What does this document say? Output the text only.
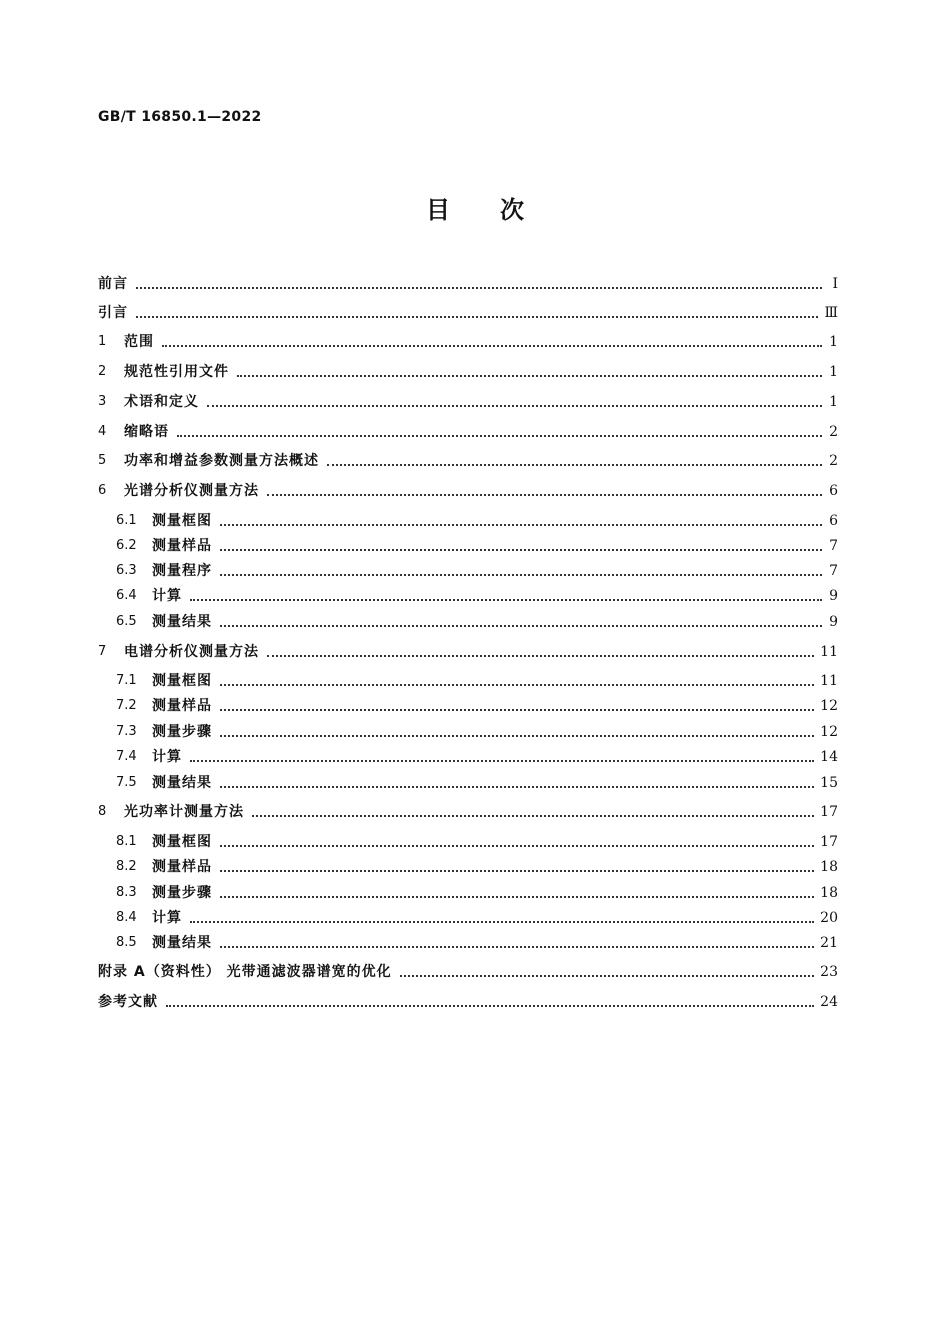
GB/T 16850.1—2022
目次
前言	Ⅰ
引言	Ⅲ
1	范围	1
2	规范性引用文件	1
3	术语和定义	1
4	缩略语	2
5	功率和增益参数测量方法概述	2
6	光谱分析仪测量方法	6
6.1	测量框图	6
6.2	测量样品	7
6.3	测量程序	7
6.4	计算	9
6.5	测量结果	9
7	电谱分析仪测量方法	11
7.1	测量框图	11
7.2	测量样品	12
7.3	测量步骤	12
7.4	计算	14
7.5	测量结果	15
8	光功率计测量方法	17
8.1	测量框图	17
8.2	测量样品	18
8.3	测量步骤	18
8.4	计算	20
8.5	测量结果	21
附录 A（资料性） 光带通滤波器谱宽的优化	23
参考文献	24
